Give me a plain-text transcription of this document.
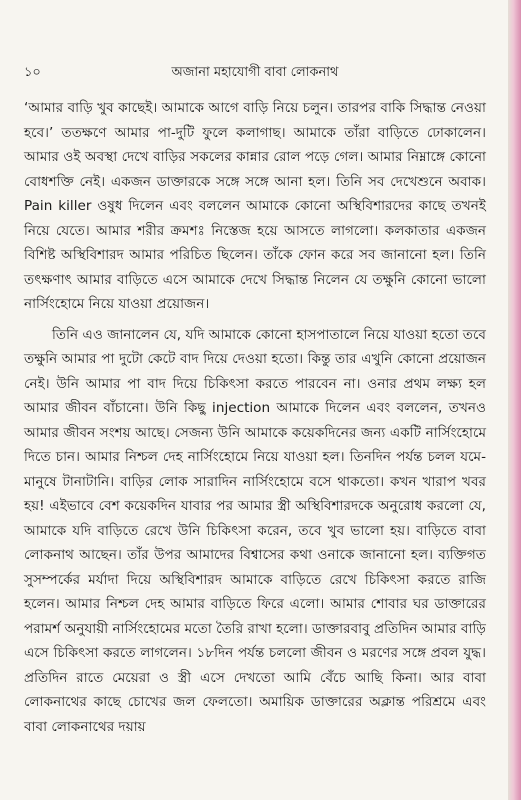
১০	অজানা মহাযোগী বাবা লোকনাথ

‘আমার বাড়ি খুব কাছেই। আমাকে আগে বাড়ি নিয়ে চলুন। তারপর বাকি সিদ্ধান্ত নেওয়া হবে।’ ততক্ষণে আমার পা-দুটি ফুলে কলাগাছ। আমাকে তাঁরা বাড়িতে ঢোকালেন। আমার ওই অবস্থা দেখে বাড়ির সকলের কান্নার রোল পড়ে গেল। আমার নিম্নাঙ্গে কোনো বোধশক্তি নেই। একজন ডাক্তারকে সঙ্গে সঙ্গে আনা হল। তিনি সব দেখেশুনে অবাক। Pain killer ওষুধ দিলেন এবং বললেন আমাকে কোনো অস্থিবিশারদের কাছে তখনই নিয়ে যেতে। আমার শরীর ক্রমশঃ নিস্তেজ হয়ে আসতে লাগলো। কলকাতার একজন বিশিষ্ট অস্থিবিশারদ আমার পরিচিত ছিলেন। তাঁকে ফোন করে সব জানানো হল। তিনি তৎক্ষণাৎ আমার বাড়িতে এসে আমাকে দেখে সিদ্ধান্ত নিলেন যে তক্ষুনি কোনো ভালো নার্সিংহোমে নিয়ে যাওয়া প্রয়োজন।

তিনি এও জানালেন যে, যদি আমাকে কোনো হাসপাতালে নিয়ে যাওয়া হতো তবে তক্ষুনি আমার পা দুটো কেটে বাদ দিয়ে দেওয়া হতো। কিন্তু তার এখুনি কোনো প্রয়োজন নেই। উনি আমার পা বাদ দিয়ে চিকিৎসা করতে পারবেন না। ওনার প্রথম লক্ষ্য হল আমার জীবন বাঁচানো। উনি কিছু injection আমাকে দিলেন এবং বললেন, তখনও আমার জীবন সংশয় আছে। সেজন্য উনি আমাকে কয়েকদিনের জন্য একটি নার্সিংহোমে দিতে চান। আমার নিশ্চল দেহ নার্সিংহোমে নিয়ে যাওয়া হল। তিনদিন পর্যন্ত চলল যমে-মানুষে টানাটানি। বাড়ির লোক সারাদিন নার্সিংহোমে বসে থাকতো। কখন খারাপ খবর হয়! এইভাবে বেশ কয়েকদিন যাবার পর আমার স্ত্রী অস্থিবিশারদকে অনুরোধ করলো যে, আমাকে যদি বাড়িতে রেখে উনি চিকিৎসা করেন, তবে খুব ভালো হয়। বাড়িতে বাবা লোকনাথ আছেন। তাঁর উপর আমাদের বিশ্বাসের কথা ওনাকে জানানো হল। ব্যক্তিগত সুসম্পর্কের মর্যাদা দিয়ে অস্থিবিশারদ আমাকে বাড়িতে রেখে চিকিৎসা করতে রাজি হলেন। আমার নিশ্চল দেহ আমার বাড়িতে ফিরে এলো। আমার শোবার ঘর ডাক্তারের পরামর্শ অনুযায়ী নার্সিংহোমের মতো তৈরি রাখা হলো। ডাক্তারবাবু প্রতিদিন আমার বাড়ি এসে চিকিৎসা করতে লাগলেন। ১৮দিন পর্যন্ত চললো জীবন ও মরণের সঙ্গে প্রবল যুদ্ধ। প্রতিদিন রাতে মেয়েরা ও স্ত্রী এসে দেখতো আমি বেঁচে আছি কিনা। আর বাবা লোকনাথের কাছে চোখের জল ফেলতো। অমায়িক ডাক্তারের অক্লান্ত পরিশ্রমে এবং বাবা লোকনাথের দয়ায়
